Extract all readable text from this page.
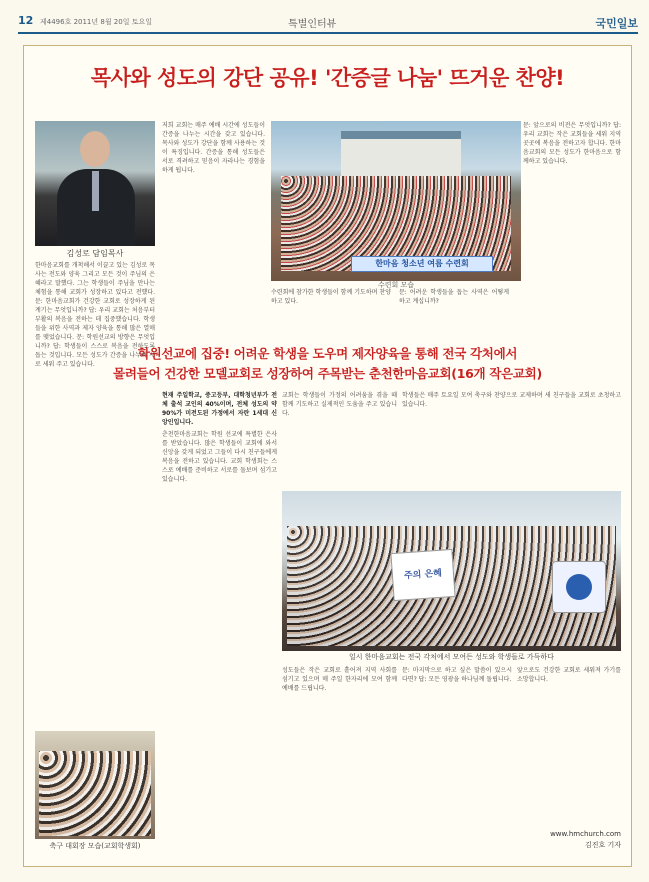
12 제4496호 2011년 8월 20일 토요일	특별인터뷰	국민일보
목사와 성도의 강단 공유! '간증글 나눔' 뜨거운 찬양!
김성로 담임목사

저희 교회는 매주 예배 시간에 성도들이 간증을 나누는 시간을 갖고 있습니다. 목사와 성도가 강단을 함께 사용하는 것이 특징입니다. 간증을 통해 성도들은 서로 격려하고 믿음이 자라나는 경험을 하게 됩니다.

한마음 청소년 여름 수련회
수련회 모습

문: 앞으로의 비전은 무엇입니까? 답: 우리 교회는 작은 교회들을 세워 지역 곳곳에 복음을 전하고자 합니다. 한마음교회의 모든 성도가 한마음으로 함께하고 있습니다.

수련회에 참가한 학생들이 함께 기도하며 찬양하고 있다.

문: 어려운 학생들을 돕는 사역은 어떻게 하고 계십니까?

학원선교에 집중! 어려운 학생을 도우며 제자양육을 통해 전국 각처에서
몰려들어 건강한 모델교회로 성장하여 주목받는 춘천한마음교회(16개 작은교회)

한마음교회를 개척해서 이끌고 있는 김성로 목사는 전도와 양육 그리고 모든 것이 주님의 은혜라고 말했다. 그는 학생들이 주님을 만나는 체험을 통해 교회가 성장하고 있다고 전했다. 문: 한마음교회가 건강한 교회로 성장하게 된 계기는 무엇입니까? 답: 우리 교회는 처음부터 부활의 복음을 전하는 데 집중했습니다. 학생들을 위한 사역과 제자 양육을 통해 많은 열매를 맺었습니다. 문: 학원선교의 방향은 무엇입니까? 답: 학생들이 스스로 복음을 전하도록 돕는 것입니다. 모든 성도가 간증을 나누며 서로 세워 주고 있습니다.

현재 주일학교, 중고등부, 대학청년부가 전체 출석 교인의 40%이며, 전체 성도의 약 90%가 미전도된 가정에서 자란 1세대 신앙인입니다.

춘천한마음교회는 학원 선교에 특별한 은사를 받았습니다. 많은 학생들이 교회에 와서 신앙을 갖게 되었고 그들이 다시 친구들에게 복음을 전하고 있습니다. 교회 학생회는 스스로 예배를 준비하고 서로를 돌보며 섬기고 있습니다.

교회는 학생들이 가정의 어려움을 겪을 때 함께 기도하고 실제적인 도움을 주고 있습니다.

학생들은 매주 토요일 모여 축구와 찬양으로 교제하며 새 친구들을 교회로 초청하고 있습니다.

주의 은혜
일시 한마음교회는 전국 각처에서 모여든 성도와 학생들로 가득하다

성도들은 작은 교회로 흩어져 지역 사회를 섬기고 있으며 매 주일 한자리에 모여 함께 예배를 드립니다.

문: 마지막으로 하고 싶은 말씀이 있으시다면? 답: 모든 영광을 하나님께 돌립니다.

앞으로도 건강한 교회로 세워져 가기를 소망합니다.

축구 대회장 모습(교회학생회)
www.hmchurch.com
김진호 기자
